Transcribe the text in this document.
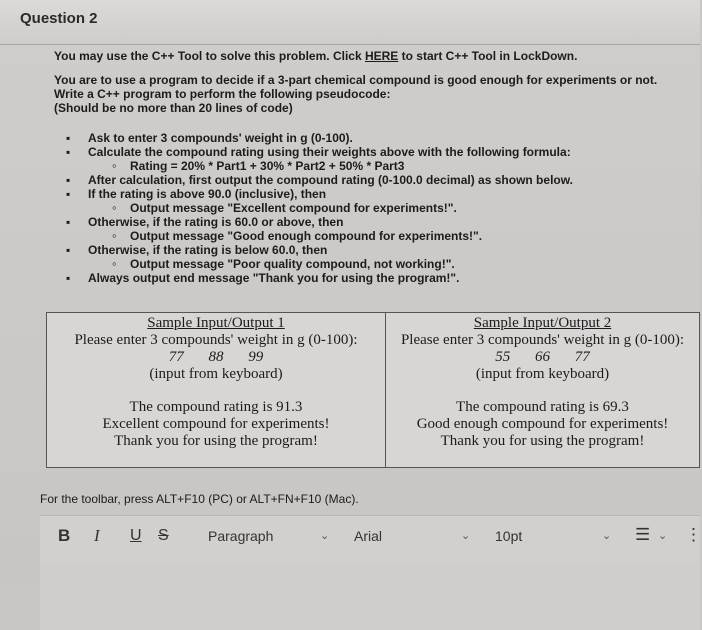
Question 2
You may use the C++ Tool to solve this problem. Click HERE to start C++ Tool in LockDown.
You are to use a program to decide if a 3-part chemical compound is good enough for experiments or not.
Write a C++ program to perform the following pseudocode:
(Should be no more than 20 lines of code)
▪ Ask to enter 3 compounds' weight in g (0-100).
▪ Calculate the compound rating using their weights above with the following formula:
◦ Rating = 20% * Part1 + 30% * Part2 + 50% * Part3
▪ After calculation, first output the compound rating (0-100.0 decimal) as shown below.
▪ If the rating is above 90.0 (inclusive), then
◦ Output message "Excellent compound for experiments!".
▪ Otherwise, if the rating is 60.0 or above, then
◦ Output message "Good enough compound for experiments!".
▪ Otherwise, if the rating is below 60.0, then
◦ Output message "Poor quality compound, not working!".
▪ Always output end message "Thank you for using the program!".
Sample Input/Output 1
Please enter 3 compounds' weight in g (0-100):
77 88 99
(input from keyboard)
The compound rating is 91.3
Excellent compound for experiments!
Thank you for using the program!

Sample Input/Output 2
Please enter 3 compounds' weight in g (0-100):
55 66 77
(input from keyboard)
The compound rating is 69.3
Good enough compound for experiments!
Thank you for using the program!
For the toolbar, press ALT+F10 (PC) or ALT+FN+F10 (Mac).
B I U S	Paragraph	⌄ Arial	⌄ 10pt	⌄ ☰ ⌄ ⋮
